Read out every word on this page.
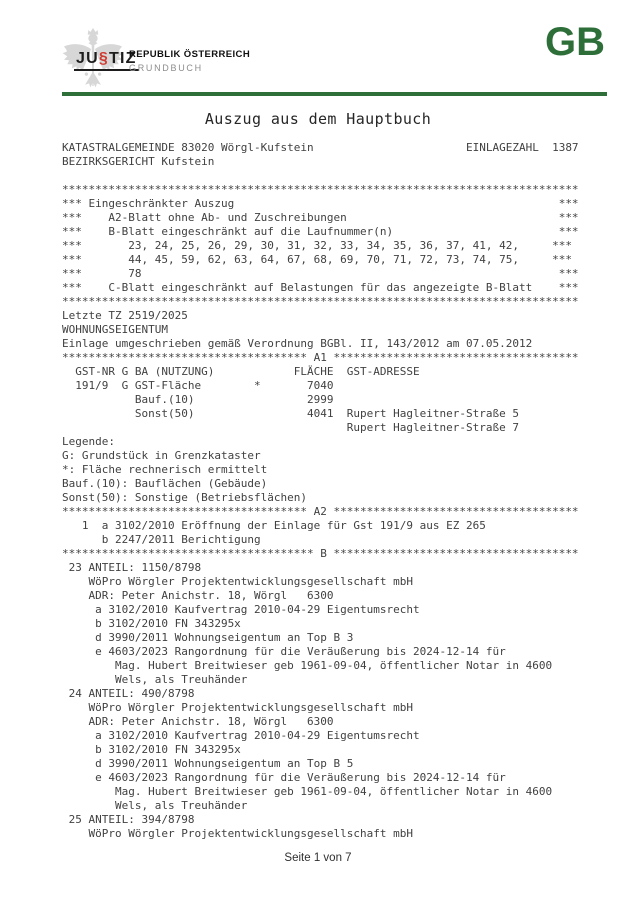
JU§TIZ
REPUBLIK ÖSTERREICH
GRUNDBUCH
GB
Auszug aus dem Hauptbuch
KATASTRALGEMEINDE 83020 Wörgl-Kufstein                       EINLAGEZAHL  1387
BEZIRKSGERICHT Kufstein

******************************************************************************
*** Eingeschränkter Auszug                                                 ***
***    A2-Blatt ohne Ab- und Zuschreibungen                                ***
***    B-Blatt eingeschränkt auf die Laufnummer(n)                         ***
***       23, 24, 25, 26, 29, 30, 31, 32, 33, 34, 35, 36, 37, 41, 42,     ***
***       44, 45, 59, 62, 63, 64, 67, 68, 69, 70, 71, 72, 73, 74, 75,     ***
***       78                                                               ***
***    C-Blatt eingeschränkt auf Belastungen für das angezeigte B-Blatt    ***
******************************************************************************
Letzte TZ 2519/2025
WOHNUNGSEIGENTUM
Einlage umgeschrieben gemäß Verordnung BGBl. II, 143/2012 am 07.05.2012
************************************* A1 *************************************
GST-NR G BA (NUTZUNG)            FLÄCHE  GST-ADRESSE
191/9  G GST-Fläche        *       7040
Bauf.(10)                 2999
Sonst(50)                 4041  Rupert Hagleitner-Straße 5
Rupert Hagleitner-Straße 7
Legende:
G: Grundstück in Grenzkataster
*: Fläche rechnerisch ermittelt
Bauf.(10): Bauflächen (Gebäude)
Sonst(50): Sonstige (Betriebsflächen)
************************************* A2 *************************************
1  a 3102/2010 Eröffnung der Einlage für Gst 191/9 aus EZ 265
b 2247/2011 Berichtigung
************************************** B *************************************
23 ANTEIL: 1150/8798
WöPro Wörgler Projektentwicklungsgesellschaft mbH
ADR: Peter Anichstr. 18, Wörgl   6300
a 3102/2010 Kaufvertrag 2010-04-29 Eigentumsrecht
b 3102/2010 FN 343295x
d 3990/2011 Wohnungseigentum an Top B 3
e 4603/2023 Rangordnung für die Veräußerung bis 2024-12-14 für
Mag. Hubert Breitwieser geb 1961-09-04, öffentlicher Notar in 4600
Wels, als Treuhänder
24 ANTEIL: 490/8798
WöPro Wörgler Projektentwicklungsgesellschaft mbH
ADR: Peter Anichstr. 18, Wörgl   6300
a 3102/2010 Kaufvertrag 2010-04-29 Eigentumsrecht
b 3102/2010 FN 343295x
d 3990/2011 Wohnungseigentum an Top B 5
e 4603/2023 Rangordnung für die Veräußerung bis 2024-12-14 für
Mag. Hubert Breitwieser geb 1961-09-04, öffentlicher Notar in 4600
Wels, als Treuhänder
25 ANTEIL: 394/8798
WöPro Wörgler Projektentwicklungsgesellschaft mbH
Seite 1 von 7
